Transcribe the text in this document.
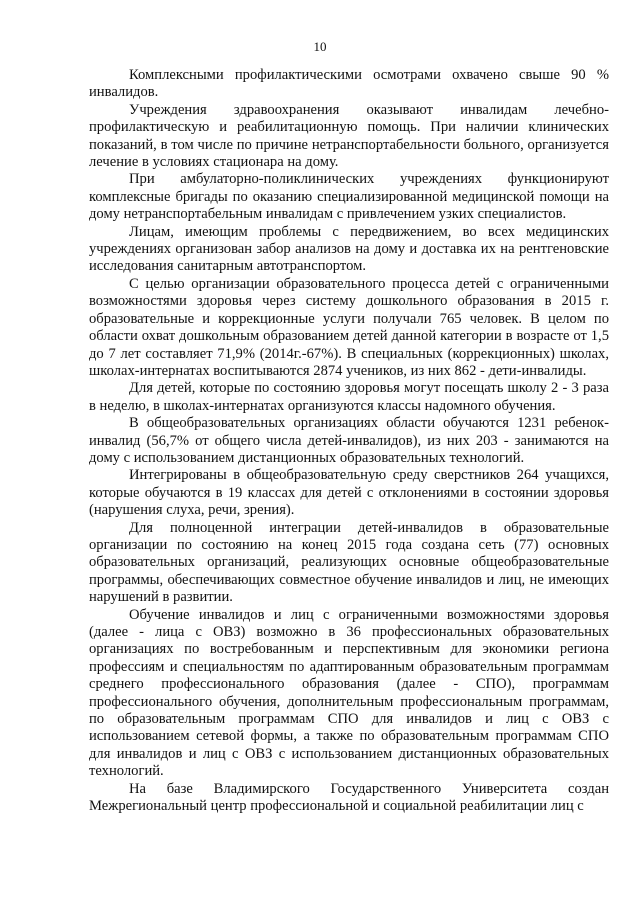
10

Комплексными профилактическими осмотрами охвачено свыше 90 % инвалидов.

Учреждения здравоохранения оказывают инвалидам лечебно-профилактическую и реабилитационную помощь. При наличии клинических показаний, в том числе по причине нетранспортабельности больного, организуется лечение в условиях стационара на дому.

При амбулаторно-поликлинических учреждениях функционируют комплексные бригады по оказанию специализированной медицинской помощи на дому нетранспортабельным инвалидам с привлечением узких специалистов.

Лицам, имеющим проблемы с передвижением, во всех медицинских учреждениях организован забор анализов на дому и доставка их на рентгеновские исследования санитарным автотранспортом.

С целью организации образовательного процесса детей с ограниченными возможностями здоровья через систему дошкольного образования в 2015 г. образовательные и коррекционные услуги получали 765 человек. В целом по области охват дошкольным образованием детей данной категории в возрасте от 1,5 до 7 лет составляет 71,9% (2014г.-67%). В специальных (коррекционных) школах, школах-интернатах воспитываются 2874 учеников, из них 862 - дети-инвалиды.

Для детей, которые по состоянию здоровья могут посещать школу 2 - 3 раза в неделю, в школах-интернатах организуются классы надомного обучения.

В общеобразовательных организациях области обучаются 1231 ребенок-инвалид (56,7% от общего числа детей-инвалидов), из них 203 - занимаются на дому с использованием дистанционных образовательных технологий.

Интегрированы в общеобразовательную среду сверстников 264 учащихся, которые обучаются в 19 классах для детей с отклонениями в состоянии здоровья (нарушения слуха, речи, зрения).

Для полноценной интеграции детей-инвалидов в образовательные организации по состоянию на конец 2015 года создана сеть (77) основных образовательных организаций, реализующих основные общеобразовательные программы, обеспечивающих совместное обучение инвалидов и лиц, не имеющих нарушений в развитии.

Обучение инвалидов и лиц с ограниченными возможностями здоровья (далее - лица с ОВЗ) возможно в 36 профессиональных образовательных организациях по востребованным и перспективным для экономики региона профессиям и специальностям по адаптированным образовательным программам среднего профессионального образования (далее - СПО), программам профессионального обучения, дополнительным профессиональным программам, по образовательным программам СПО для инвалидов и лиц с ОВЗ с использованием сетевой формы, а также по образовательным программам СПО для инвалидов и лиц с ОВЗ с использованием дистанционных образовательных технологий.

На базе Владимирского Государственного Университета создан Межрегиональный центр профессиональной и социальной реабилитации лиц с
